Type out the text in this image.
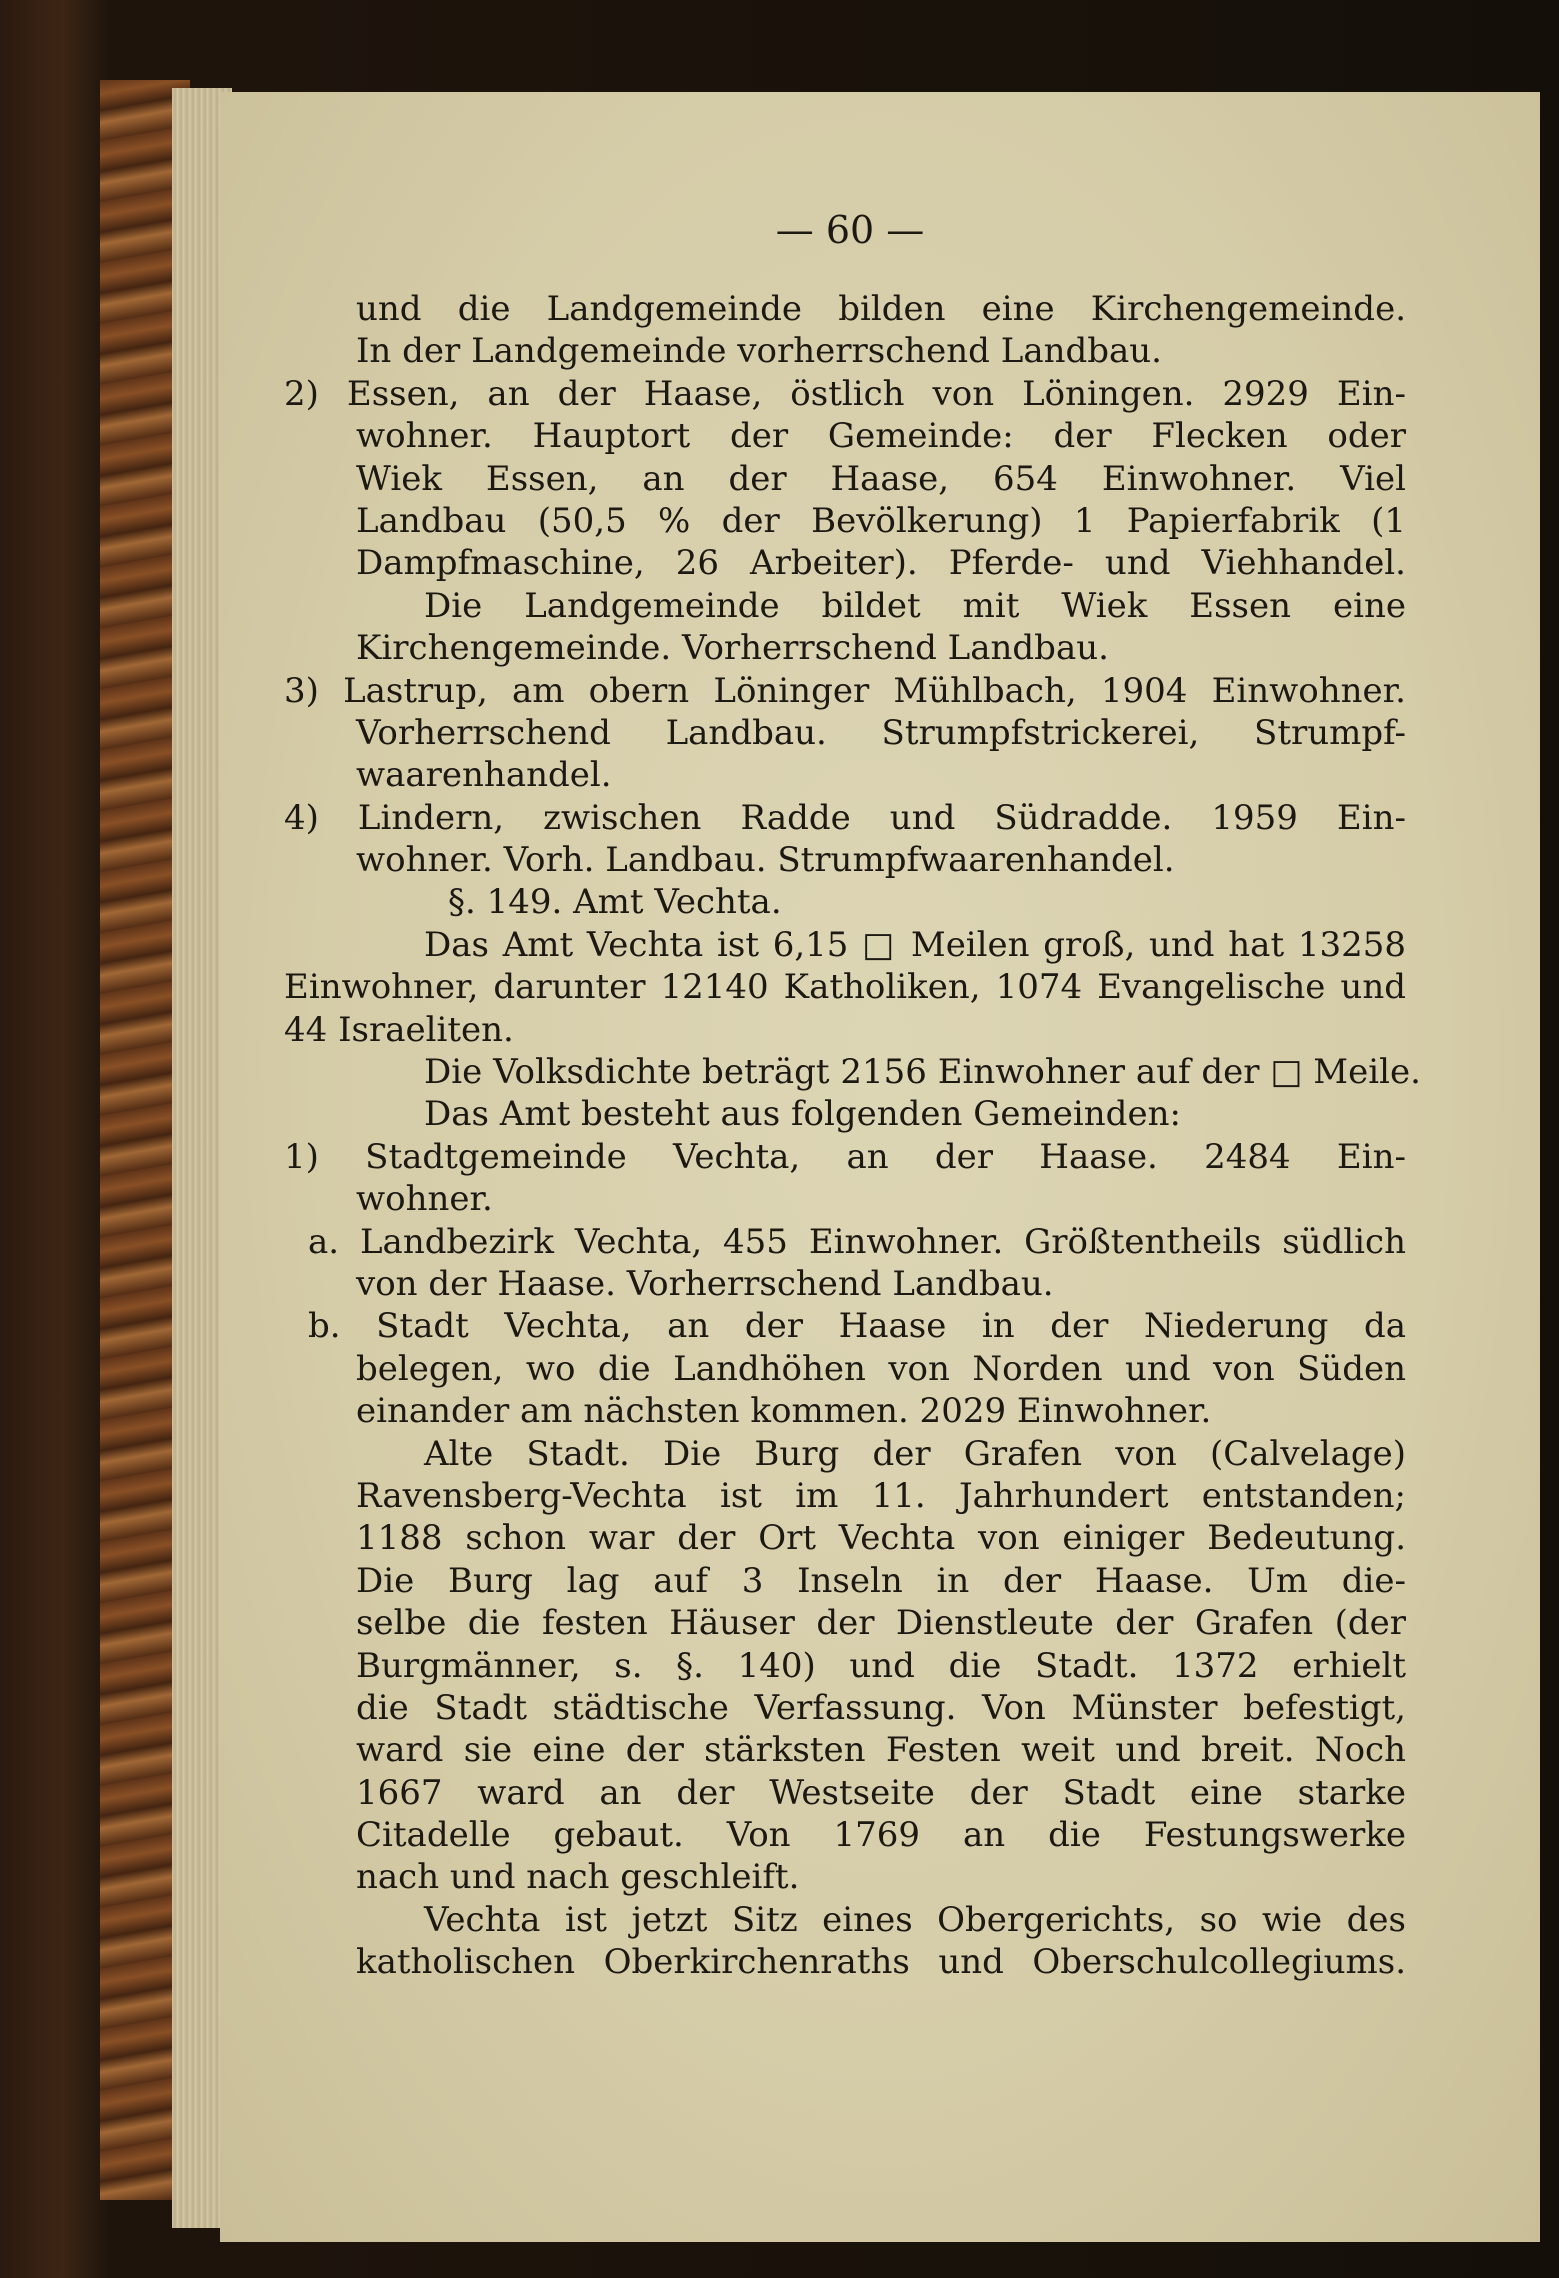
— 60 —
und die Landgemeinde bilden eine Kirchengemeinde.
In der Landgemeinde vorherrschend Landbau.
2) Essen, an der Haase, östlich von Löningen. 2929 Ein-
wohner. Hauptort der Gemeinde: der Flecken oder
Wiek Essen, an der Haase, 654 Einwohner. Viel
Landbau (50,5 % der Bevölkerung) 1 Papierfabrik (1
Dampfmaschine, 26 Arbeiter). Pferde- und Viehhandel.
Die Landgemeinde bildet mit Wiek Essen eine
Kirchengemeinde. Vorherrschend Landbau.
3) Lastrup, am obern Löninger Mühlbach, 1904 Einwohner.
Vorherrschend Landbau. Strumpfstrickerei, Strumpf-
waarenhandel.
4) Lindern, zwischen Radde und Südradde. 1959 Ein-
wohner. Vorh. Landbau. Strumpfwaarenhandel.
§. 149. Amt Vechta.
Das Amt Vechta ist 6,15 □ Meilen groß, und hat 13258
Einwohner, darunter 12140 Katholiken, 1074 Evangelische und
44 Israeliten.
Die Volksdichte beträgt 2156 Einwohner auf der □ Meile.
Das Amt besteht aus folgenden Gemeinden:
1) Stadtgemeinde Vechta, an der Haase. 2484 Ein-
wohner.
a. Landbezirk Vechta, 455 Einwohner. Größtentheils südlich
von der Haase. Vorherrschend Landbau.
b. Stadt Vechta, an der Haase in der Niederung da
belegen, wo die Landhöhen von Norden und von Süden
einander am nächsten kommen. 2029 Einwohner.
Alte Stadt. Die Burg der Grafen von (Calvelage)
Ravensberg-Vechta ist im 11. Jahrhundert entstanden;
1188 schon war der Ort Vechta von einiger Bedeutung.
Die Burg lag auf 3 Inseln in der Haase. Um die-
selbe die festen Häuser der Dienstleute der Grafen (der
Burgmänner, s. §. 140) und die Stadt. 1372 erhielt
die Stadt städtische Verfassung. Von Münster befestigt,
ward sie eine der stärksten Festen weit und breit. Noch
1667 ward an der Westseite der Stadt eine starke
Citadelle gebaut. Von 1769 an die Festungswerke
nach und nach geschleift.
Vechta ist jetzt Sitz eines Obergerichts, so wie des
katholischen Oberkirchenraths und Oberschulcollegiums.
